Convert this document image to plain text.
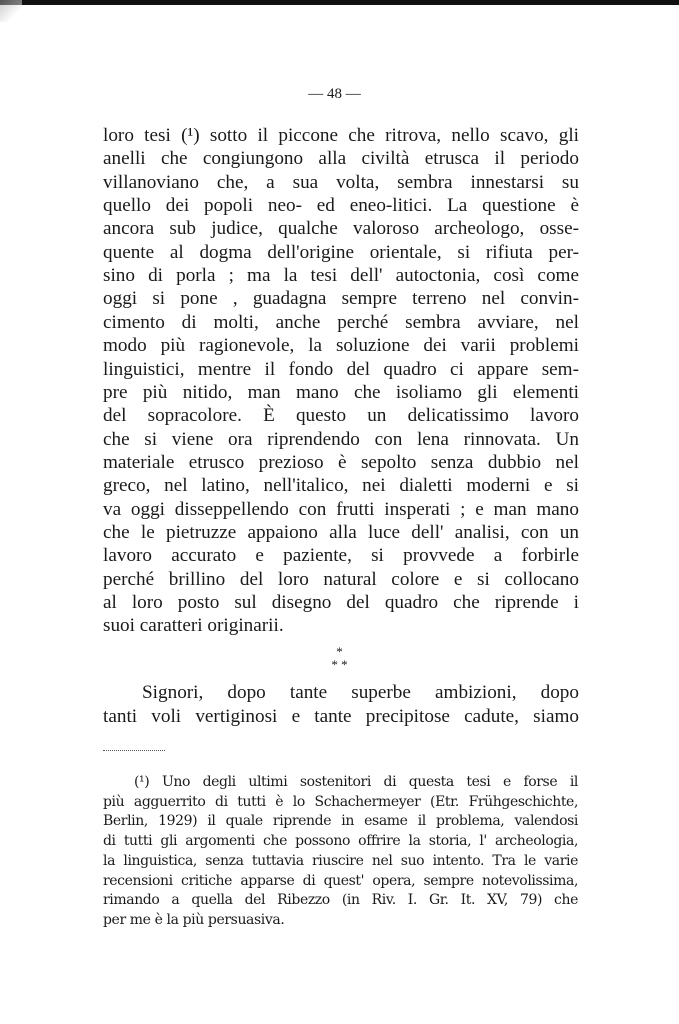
— 48 —
loro tesi (¹) sotto il piccone che ritrova, nello scavo, gli
anelli che congiungono alla civiltà etrusca il periodo
villanoviano che, a sua volta, sembra innestarsi su
quello dei popoli neo- ed eneo-litici. La questione è
ancora sub judice, qualche valoroso archeologo, osse-
quente al dogma dell'origine orientale, si rifiuta per-
sino di porla ; ma la tesi dell' autoctonia, così come
oggi si pone , guadagna sempre terreno nel convin-
cimento di molti, anche perché sembra avviare, nel
modo più ragionevole, la soluzione dei varii problemi
linguistici, mentre il fondo del quadro ci appare sem-
pre più nitido, man mano che isoliamo gli elementi
del sopracolore. È questo un delicatissimo lavoro
che si viene ora riprendendo con lena rinnovata. Un
materiale etrusco prezioso è sepolto senza dubbio nel
greco, nel latino, nell'italico, nei dialetti moderni e si
va oggi disseppellendo con frutti insperati ; e man mano
che le pietruzze appaiono alla luce dell' analisi, con un
lavoro accurato e paziente, si provvede a forbirle
perché brillino del loro natural colore e si collocano
al loro posto sul disegno del quadro che riprende i
suoi caratteri originarii.
*
* *
Signori, dopo tante superbe ambizioni, dopo
tanti voli vertiginosi e tante precipitose cadute, siamo
(¹) Uno degli ultimi sostenitori di questa tesi e forse il
più agguerrito di tutti è lo Schachermeyer (Etr. Frühgeschichte,
Berlin, 1929) il quale riprende in esame il problema, valendosi
di tutti gli argomenti che possono offrire la storia, l' archeologia,
la linguistica, senza tuttavia riuscire nel suo intento. Tra le varie
recensioni critiche apparse di quest' opera, sempre notevolissima,
rimando a quella del Ribezzo (in Riv. I. Gr. It. XV, 79) che
per me è la più persuasiva.
